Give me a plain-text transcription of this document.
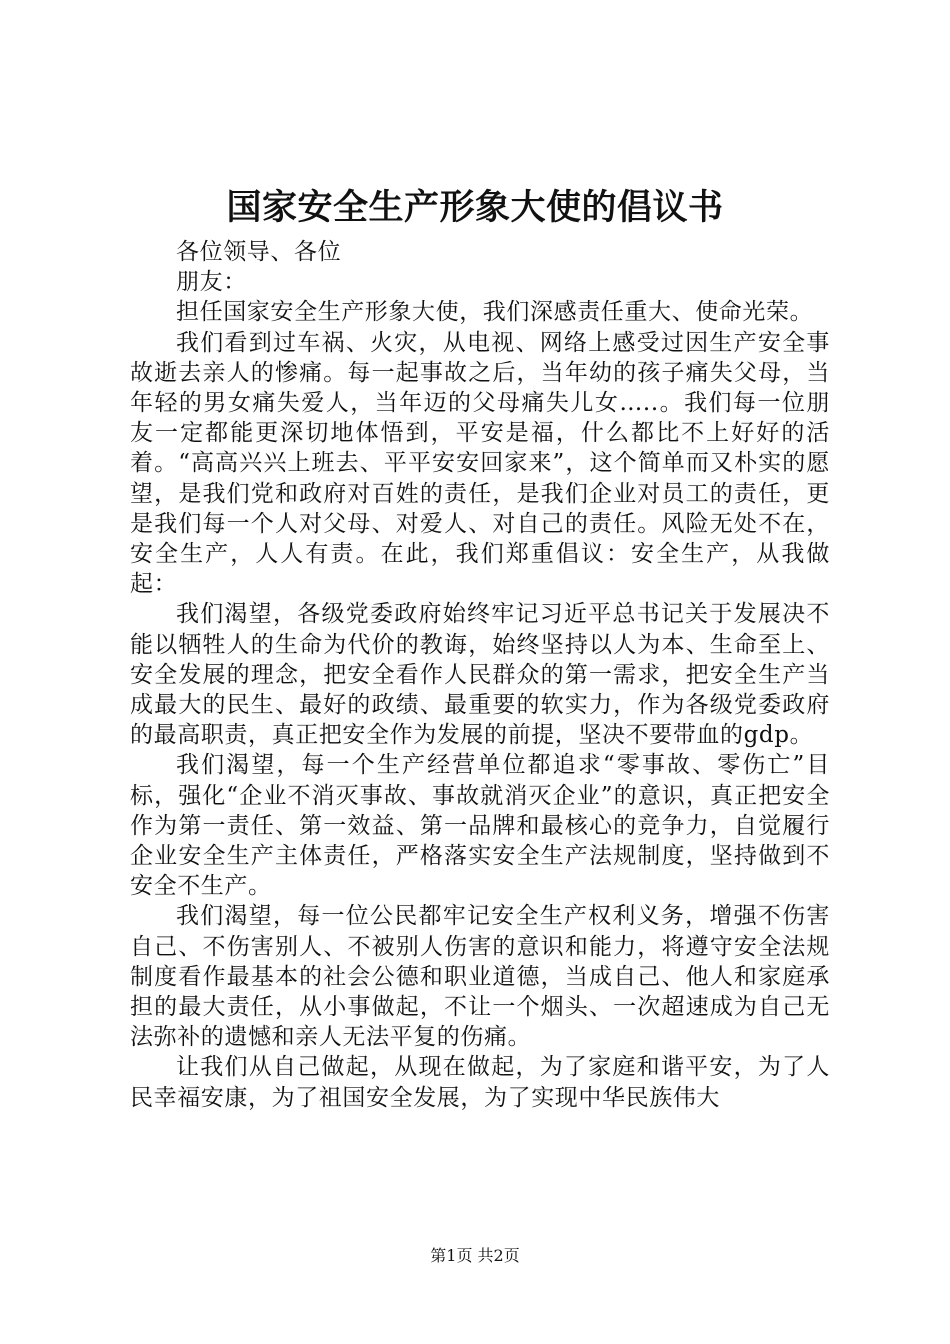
国家安全生产形象大使的倡议书

各位领导、各位

朋友：

担任国家安全生产形象大使，我们深感责任重大、使命光荣。

我们看到过车祸、火灾，从电视、网络上感受过因生产安全事故逝去亲人的惨痛。每一起事故之后，当年幼的孩子痛失父母，当年轻的男女痛失爱人，当年迈的父母痛失儿女…..。我们每一位朋友一定都能更深切地体悟到，平安是福，什么都比不上好好的活着。“高高兴兴上班去、平平安安回家来”，这个简单而又朴实的愿望，是我们党和政府对百姓的责任，是我们企业对员工的责任，更是我们每一个人对父母、对爱人、对自己的责任。风险无处不在，安全生产，人人有责。在此，我们郑重倡议：安全生产，从我做起：

我们渴望，各级党委政府始终牢记习近平总书记关于发展决不能以牺牲人的生命为代价的教诲，始终坚持以人为本、生命至上、安全发展的理念，把安全看作人民群众的第一需求，把安全生产当成最大的民生、最好的政绩、最重要的软实力，作为各级党委政府的最高职责，真正把安全作为发展的前提，坚决不要带血的gdp。

我们渴望，每一个生产经营单位都追求“零事故、零伤亡”目标，强化“企业不消灭事故、事故就消灭企业”的意识，真正把安全作为第一责任、第一效益、第一品牌和最核心的竞争力，自觉履行企业安全生产主体责任，严格落实安全生产法规制度，坚持做到不安全不生产。

我们渴望，每一位公民都牢记安全生产权利义务，增强不伤害自己、不伤害别人、不被别人伤害的意识和能力，将遵守安全法规制度看作最基本的社会公德和职业道德，当成自己、他人和家庭承担的最大责任，从小事做起，不让一个烟头、一次超速成为自己无法弥补的遗憾和亲人无法平复的伤痛。

让我们从自己做起，从现在做起，为了家庭和谐平安，为了人民幸福安康，为了祖国安全发展，为了实现中华民族伟大

第1页 共2页
